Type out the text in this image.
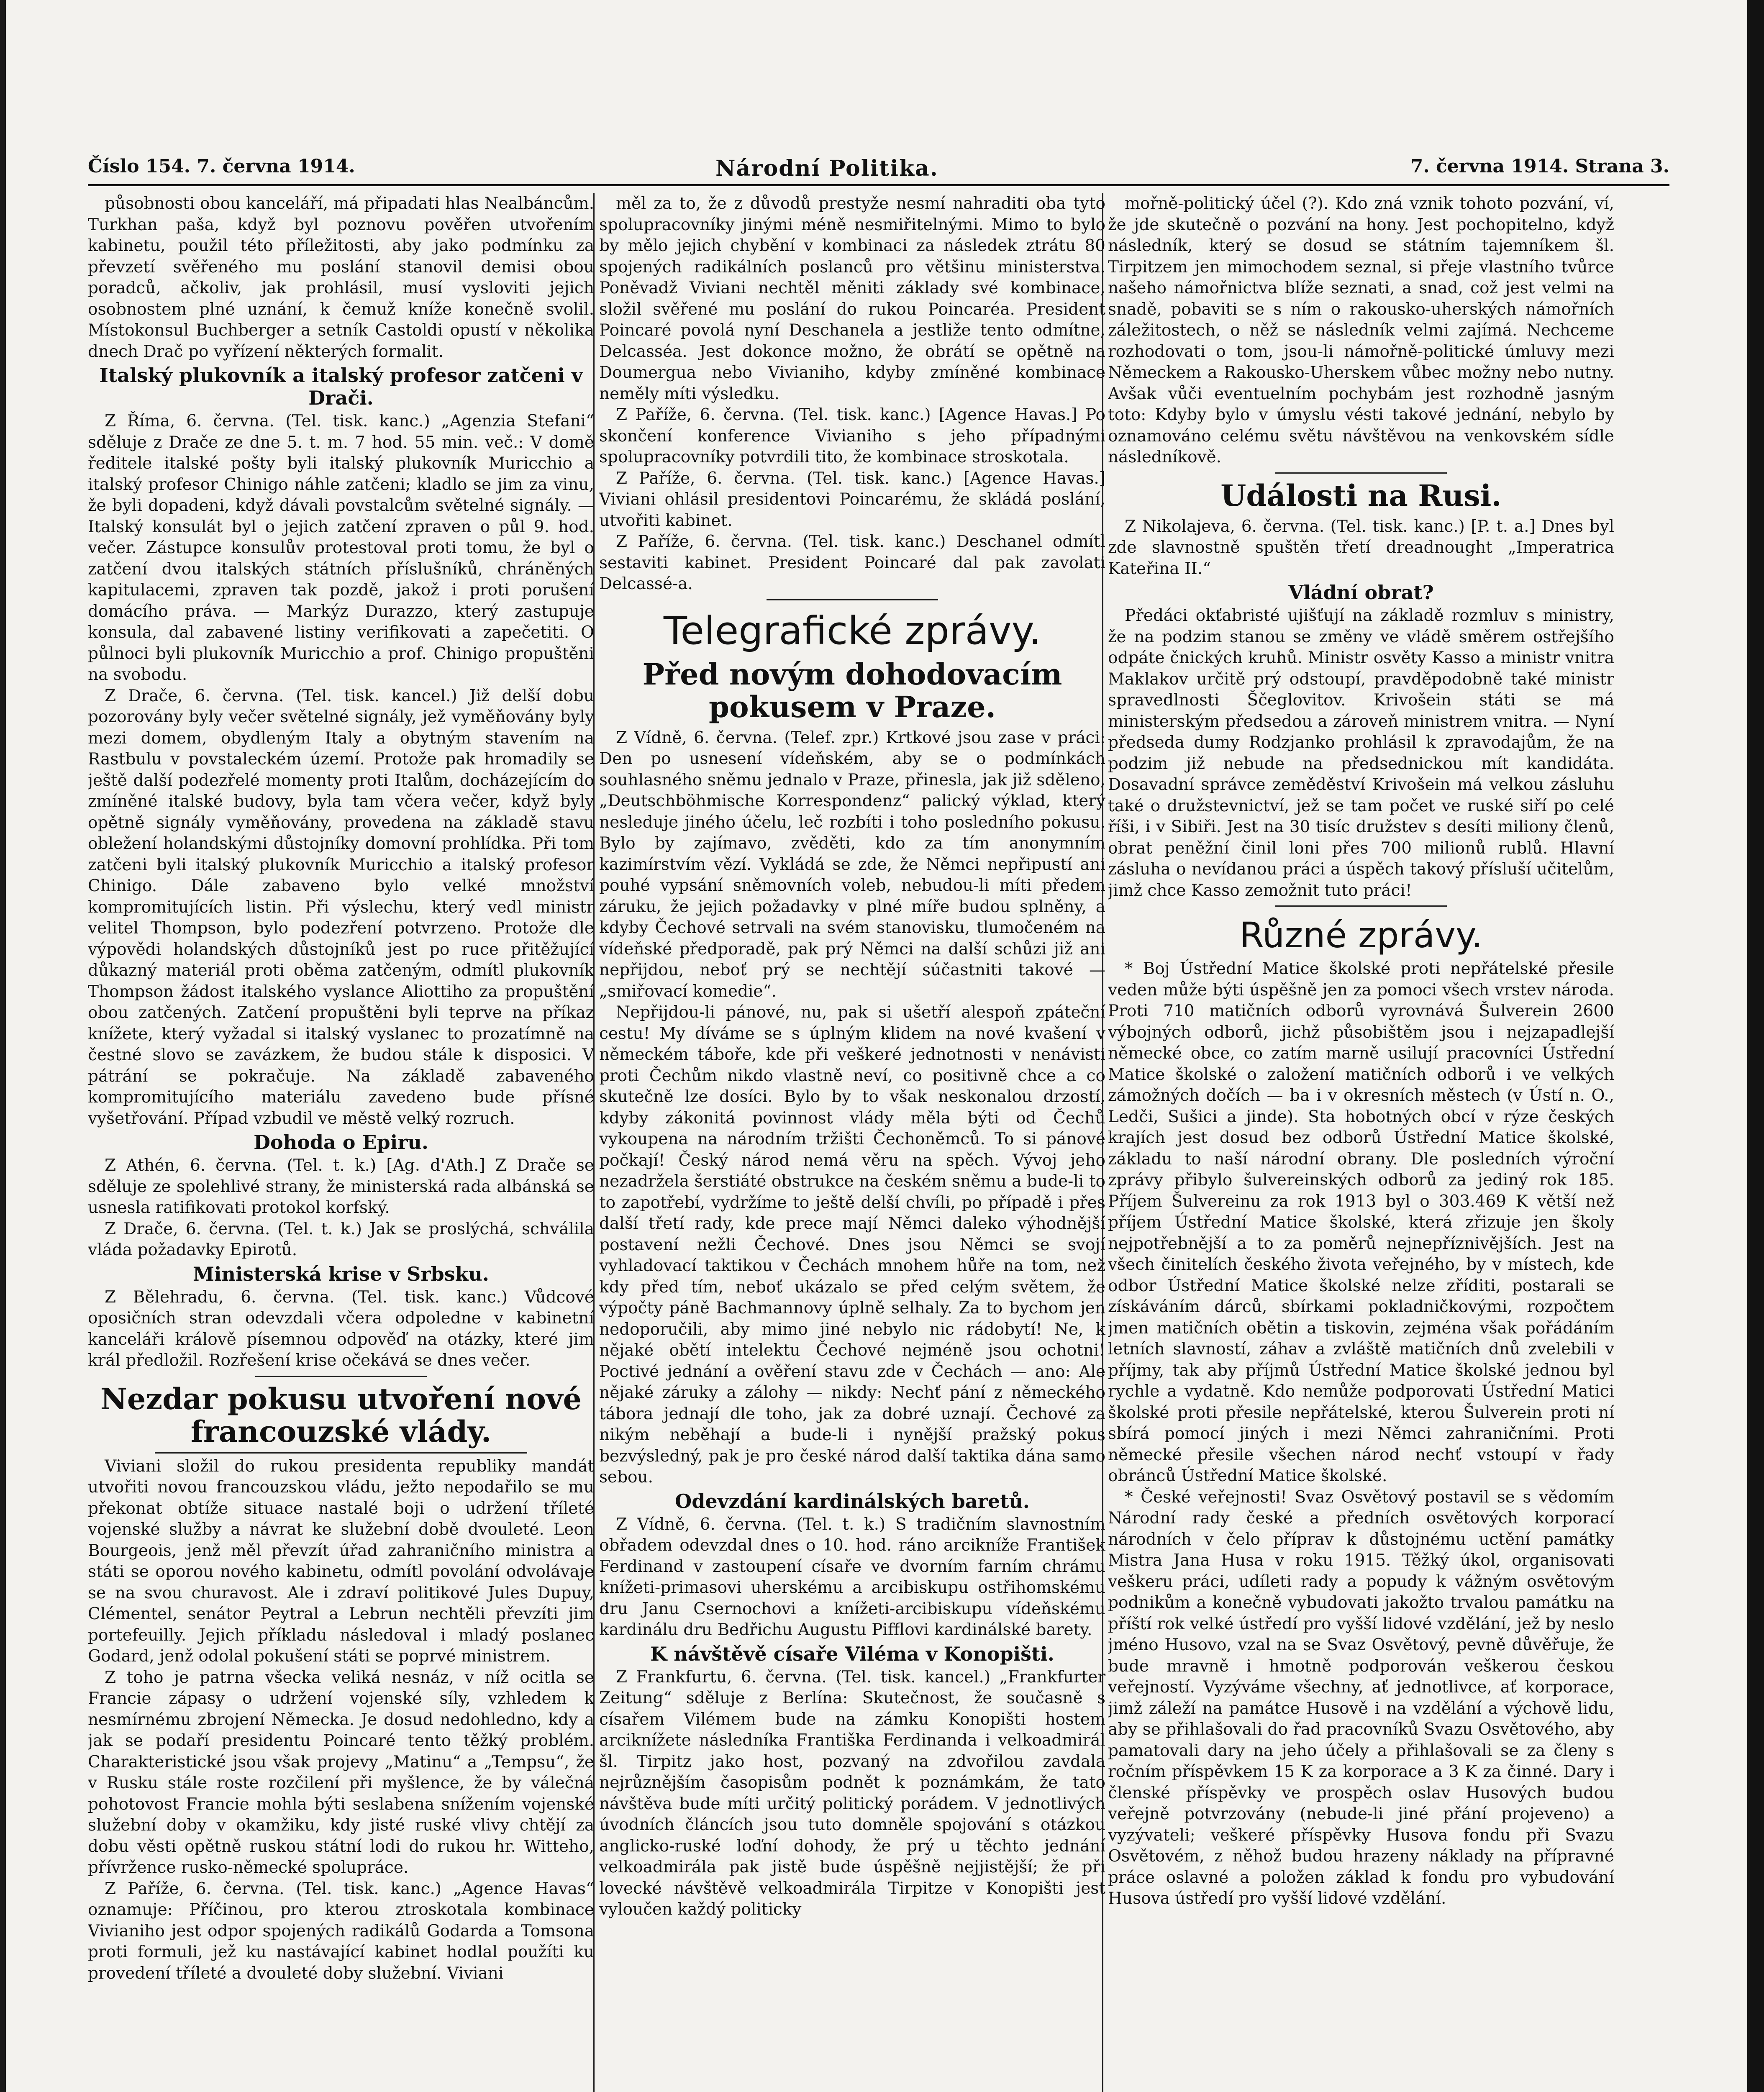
Číslo 154. 7. června 1914.	Národní Politika.	7. června 1914. Strana 3.

působnosti obou kanceláří, má připadati hlas Nealbáncům. Turkhan paša, když byl poznovu pověřen utvořením kabinetu, použil této příležitosti, aby jako podmínku za převzetí svěřeného mu poslání stanovil demisi obou poradců, ačkoliv, jak prohlásil, musí vysloviti jejich osobnostem plné uznání, k čemuž kníže konečně svolil. Místokonsul Buchberger a setník Castoldi opustí v několika dnech Drač po vyřízení některých formalit.

Italský plukovník a italský profesor zatčeni v Drači.

Z Říma, 6. června. (Tel. tisk. kanc.) „Agenzia Stefani“ sděluje z Drače ze dne 5. t. m. 7 hod. 55 min. več.: V domě ředitele italské pošty byli italský plukovník Muricchio a italský profesor Chinigo náhle zatčeni; kladlo se jim za vinu, že byli dopadeni, když dávali povstalcům světelné signály. — Italský konsulát byl o jejich zatčení zpraven o půl 9. hod. večer. Zástupce konsulův protestoval proti tomu, že byl o zatčení dvou italských státních příslušníků, chráněných kapitulacemi, zpraven tak pozdě, jakož i proti porušení domácího práva. — Markýz Durazzo, který zastupuje konsula, dal zabavené listiny verifikovati a zapečetiti. O půlnoci byli plukovník Muricchio a prof. Chinigo propuštěni na svobodu.

Z Drače, 6. června. (Tel. tisk. kancel.) Již delší dobu pozorovány byly večer světelné signály, jež vyměňovány byly mezi domem, obydleným Italy a obytným stavením na Rastbulu v povstaleckém území. Protože pak hromadily se ještě další podezřelé momenty proti Italům, docházejícím do zmíněné italské budovy, byla tam včera večer, když byly opětně signály vyměňovány, provedena na základě stavu obležení holandskými důstojníky domovní prohlídka. Při tom zatčeni byli italský plukovník Muricchio a italský profesor Chinigo. Dále zabaveno bylo velké množství kompromitujících listin. Při výslechu, který vedl ministr velitel Thompson, bylo podezření potvrzeno. Protože dle výpovědi holandských důstojníků jest po ruce přitěžující důkazný materiál proti oběma zatčeným, odmítl plukovník Thompson žádost italského vyslance Aliottiho za propuštění obou zatčených. Zatčení propuštěni byli teprve na příkaz knížete, který vyžadal si italský vyslanec to prozatímně na čestné slovo se zavázkem, že budou stále k disposici. V pátrání se pokračuje. Na základě zabaveného kompromitujícího materiálu zavedeno bude přísné vyšetřování. Případ vzbudil ve městě velký rozruch.

Dohoda o Epiru.

Z Athén, 6. června. (Tel. t. k.) [Ag. d'Ath.] Z Drače se sděluje ze spolehlivé strany, že ministerská rada albánská se usnesla ratifikovati protokol korfský.

Z Drače, 6. června. (Tel. t. k.) Jak se proslýchá, schválila vláda požadavky Epirotů.

Ministerská krise v Srbsku.

Z Bělehradu, 6. června. (Tel. tisk. kanc.) Vůdcové oposičních stran odevzdali včera odpoledne v kabinetní kanceláři králově písemnou odpověď na otázky, které jim král předložil. Rozřešení krise očekává se dnes večer.

Nezdar pokusu utvoření nové francouzské vlády.

Viviani složil do rukou presidenta republiky mandát utvořiti novou francouzskou vládu, ježto nepodařilo se mu překonat obtíže situace nastalé boji o udržení tříleté vojenské služby a návrat ke služební době dvouleté. Leon Bourgeois, jenž měl převzít úřad zahraničního ministra a státi se oporou nového kabinetu, odmítl povolání odvolávaje se na svou churavost. Ale i zdraví politikové Jules Dupuy, Clémentel, senátor Peytral a Lebrun nechtěli převzíti jim portefeuilly. Jejich příkladu následoval i mladý poslanec Godard, jenž odolal pokušení státi se poprvé ministrem.

Z toho je patrna všecka veliká nesnáz, v níž ocitla se Francie zápasy o udržení vojenské síly, vzhledem k nesmírnému zbrojení Německa. Je dosud nedohledno, kdy a jak se podaří presidentu Poincaré tento těžký problém. Charakteristické jsou však projevy „Matinu“ a „Tempsu“, že v Rusku stále roste rozčilení při myšlence, že by válečná pohotovost Francie mohla býti seslabena snížením vojenské služební doby v okamžiku, kdy jisté ruské vlivy chtějí za dobu věsti opětně ruskou státní lodi do rukou hr. Witteho, přívržence rusko-německé spolupráce.

Z Paříže, 6. června. (Tel. tisk. kanc.) „Agence Havas“ oznamuje: Příčinou, pro kterou ztroskotala kombinace Vivianiho jest odpor spojených radikálů Godarda a Tomsona proti formuli, jež ku nastávající kabinet hodlal použíti ku provedení tříleté a dvouleté doby služební. Viviani

měl za to, že z důvodů prestyže nesmí nahraditi oba tyto spolupracovníky jinými méně nesmiřitelnými. Mimo to bylo by mělo jejich chybění v kombinaci za následek ztrátu 80 spojených radikálních poslanců pro většinu ministerstva. Poněvadž Viviani nechtěl měniti základy své kombinace, složil svěřené mu poslání do rukou Poincaréa. President Poincaré povolá nyní Deschanela a jestliže tento odmítne, Delcasséa. Jest dokonce možno, že obrátí se opětně na Doumergua nebo Vivianiho, kdyby zmíněné kombinace neměly míti výsledku.

Z Paříže, 6. června. (Tel. tisk. kanc.) [Agence Havas.] Po skončení konference Vivianiho s jeho případnými spolupracovníky potvrdili tito, že kombinace stroskotala.

Z Paříže, 6. června. (Tel. tisk. kanc.) [Agence Havas.] Viviani ohlásil presidentovi Poincarému, že skládá poslání, utvořiti kabinet.

Z Paříže, 6. června. (Tel. tisk. kanc.) Deschanel odmítl sestaviti kabinet. President Poincaré dal pak zavolati Delcassé-a.

Telegrafické zprávy.
Před novým dohodovacím pokusem v Praze.

Z Vídně, 6. června. (Telef. zpr.) Krtkové jsou zase v práci: Den po usnesení vídeňském, aby se o podmínkách souhlasného sněmu jednalo v Praze, přinesla, jak již sděleno, „Deutschböhmische Korrespondenz“ palický výklad, který nesleduje jiného účelu, leč rozbíti i toho posledního pokusu. Bylo by zajímavo, zvěděti, kdo za tím anonymním kazimírstvím vězí. Vykládá se zde, že Němci nepřipustí ani pouhé vypsání sněmovních voleb, nebudou-li míti předem záruku, že jejich požadavky v plné míře budou splněny, a kdyby Čechové setrvali na svém stanovisku, tlumočeném na vídeňské předporadě, pak prý Němci na další schůzi již ani nepřijdou, neboť prý se nechtějí súčastniti takové — „smiřovací komedie“.

Nepřijdou-li pánové, nu, pak si ušetří alespoň zpáteční cestu! My díváme se s úplným klidem na nové kvašení v německém táboře, kde při veškeré jednotnosti v nenávisti proti Čechům nikdo vlastně neví, co positivně chce a co skutečně lze dosíci. Bylo by to však neskonalou drzostí, kdyby zákonitá povinnost vlády měla býti od Čechů vykoupena na národním tržišti Čechoněmců. To si pánové počkají! Český národ nemá věru na spěch. Vývoj jeho nezadržela šerstiáté obstrukce na českém sněmu a bude-li to to zapotřebí, vydržíme to ještě delší chvíli, po případě i přes další třetí rady, kde prece mají Němci daleko výhodnější postavení nežli Čechové. Dnes jsou Němci se svojí vyhladovací taktikou v Čechách mnohem hůře na tom, než kdy před tím, neboť ukázalo se před celým světem, že výpočty páně Bachmannovy úplně selhaly. Za to bychom jen nedoporučili, aby mimo jiné nebylo nic rádobytí! Ne, k nějaké obětí intelektu Čechové nejméně jsou ochotni! Poctivé jednání a ověření stavu zde v Čechách — ano: Ale nějaké záruky a zálohy — nikdy: Nechť pání z německého tábora jednají dle toho, jak za dobré uznají. Čechové za nikým neběhají a bude-li i nynější pražský pokus bezvýsledný, pak je pro české národ další taktika dána samo sebou.

Odevzdání kardinálských baretů.

Z Vídně, 6. června. (Tel. t. k.) S tradičním slavnostním obřadem odevzdal dnes o 10. hod. ráno arcikníže František Ferdinand v zastoupení císaře ve dvorním farním chrámu knížeti-primasovi uherskému a arcibiskupu ostřihomskému dru Janu Csernochovi a knížeti-arcibiskupu vídeňskému kardinálu dru Bedřichu Augustu Pifflovi kardinálské barety.

K návštěvě císaře Viléma v Konopišti.

Z Frankfurtu, 6. června. (Tel. tisk. kancel.) „Frankfurter Zeitung“ sděluje z Berlína: Skutečnost, že současně s císařem Vilémem bude na zámku Konopišti hostem arciknížete následníka Františka Ferdinanda i velkoadmirál šl. Tirpitz jako host, pozvaný na zdvořilou zavdala nejrůznějším časopisům podnět k poznámkám, že tato návštěva bude míti určitý politický porádem. V jednotlivých úvodních článcích jsou tuto domněle spojování s otázkou anglicko-ruské loďní dohody, že prý u těchto jednání velkoadmirála pak jistě bude úspěšně nejjistější; že při lovecké návštěvě velkoadmirála Tirpitze v Konopišti jest vyloučen každý politicky

mořně-politický účel (?). Kdo zná vznik tohoto pozvání, ví, že jde skutečně o pozvání na hony. Jest pochopitelno, když následník, který se dosud se státním tajemníkem šl. Tirpitzem jen mimochodem seznal, si přeje vlastního tvůrce našeho námořnictva blíže seznati, a snad, což jest velmi na snadě, pobaviti se s ním o rakousko-uherských námořních záležitostech, o něž se následník velmi zajímá. Nechceme rozhodovati o tom, jsou-li námořně-politické úmluvy mezi Německem a Rakousko-Uherskem vůbec možny nebo nutny. Avšak vůči eventuelním pochybám jest rozhodně jasným toto: Kdyby bylo v úmyslu vésti takové jednání, nebylo by oznamováno celému světu návštěvou na venkovském sídle následníkově.

Události na Rusi.

Z Nikolajeva, 6. června. (Tel. tisk. kanc.) [P. t. a.] Dnes byl zde slavnostně spuštěn třetí dreadnought „Imperatrica Kateřina II.“

Vládní obrat?

Předáci okťabristé ujišťují na základě rozmluv s ministry, že na podzim stanou se změny ve vládě směrem ostřejšího odpáte čnických kruhů. Ministr osvěty Kasso a ministr vnitra Maklakov určitě prý odstoupí, pravděpodobně také ministr spravedlnosti Ščeglovitov. Krivošein státi se má ministerským předsedou a zároveň ministrem vnitra. — Nyní předseda dumy Rodzjanko prohlásil k zpravodajům, že na podzim již nebude na předsednickou mít kandidáta. Dosavadní správce zeměděství Krivošein má velkou zásluhu také o družstevnictví, jež se tam počet ve ruské siří po celé říši, i v Sibiři. Jest na 30 tisíc družstev s desíti miliony členů, obrat peněžní činil loni přes 700 milionů rublů. Hlavní zásluha o nevídanou práci a úspěch takový přísluší učitelům, jimž chce Kasso zemožnit tuto práci!

Různé zprávy.

* Boj Ústřední Matice školské proti nepřátelské přesile veden může býti úspěšně jen za pomoci všech vrstev národa. Proti 710 matičních odborů vyrovnává Šulverein 2600 výbojných odborů, jichž působištěm jsou i nejzapadlejší německé obce, co zatím marně usilují pracovníci Ústřední Matice školské o založení matičních odborů i ve velkých zámožných dočích — ba i v okresních městech (v Ústí n. O., Ledči, Sušici a jinde). Sta hobotných obcí v rýze českých krajích jest dosud bez odborů Ústřední Matice školské, základu to naší národní obrany. Dle posledních výroční zprávy přibylo šulvereinských odborů za jediný rok 185. Příjem Šulvereinu za rok 1913 byl o 303.469 K větší než příjem Ústřední Matice školské, která zřizuje jen školy nejpotřebnější a to za poměrů nejnepříznivějších. Jest na všech činitelích českého života veřejného, by v místech, kde odbor Ústřední Matice školské nelze zříditi, postarali se získáváním dárců, sbírkami pokladničkovými, rozpočtem jmen matičních obětin a tiskovin, zejména však pořádáním letních slavností, záhav a zvláště matičních dnů zvelebili v příjmy, tak aby příjmů Ústřední Matice školské jednou byl rychle a vydatně. Kdo nemůže podporovati Ústřední Matici školské proti přesile nepřátelské, kterou Šulverein proti ní sbírá pomocí jiných i mezi Němci zahraničními. Proti německé přesile všechen národ nechť vstoupí v řady obránců Ústřední Matice školské.

* České veřejnosti! Svaz Osvětový postavil se s vědomím Národní rady české a předních osvětových korporací národních v čelo příprav k důstojnému uctění památky Mistra Jana Husa v roku 1915. Těžký úkol, organisovati veškeru práci, udíleti rady a popudy k vážným osvětovým podnikům a konečně vybudovati jakožto trvalou památku na příští rok velké ústředí pro vyšší lidové vzdělání, jež by neslo jméno Husovo, vzal na se Svaz Osvětový, pevně důvěřuje, že bude mravně i hmotně podporován veškerou českou veřejností. Vyzýváme všechny, ať jednotlivce, ať korporace, jimž záleží na památce Husově i na vzdělání a výchově lidu, aby se přihlašovali do řad pracovníků Svazu Osvětového, aby pamatovali dary na jeho účely a přihlašovali se za členy s ročním příspěvkem 15 K za korporace a 3 K za činné. Dary i členské příspěvky ve prospěch oslav Husových budou veřejně potvrzovány (nebude-li jiné přání projeveno) a vyzývateli; veškeré příspěvky Husova fondu při Svazu Osvětovém, z něhož budou hrazeny náklady na přípravné práce oslavné a položen základ k fondu pro vybudování Husova ústředí pro vyšší lidové vzdělání.
